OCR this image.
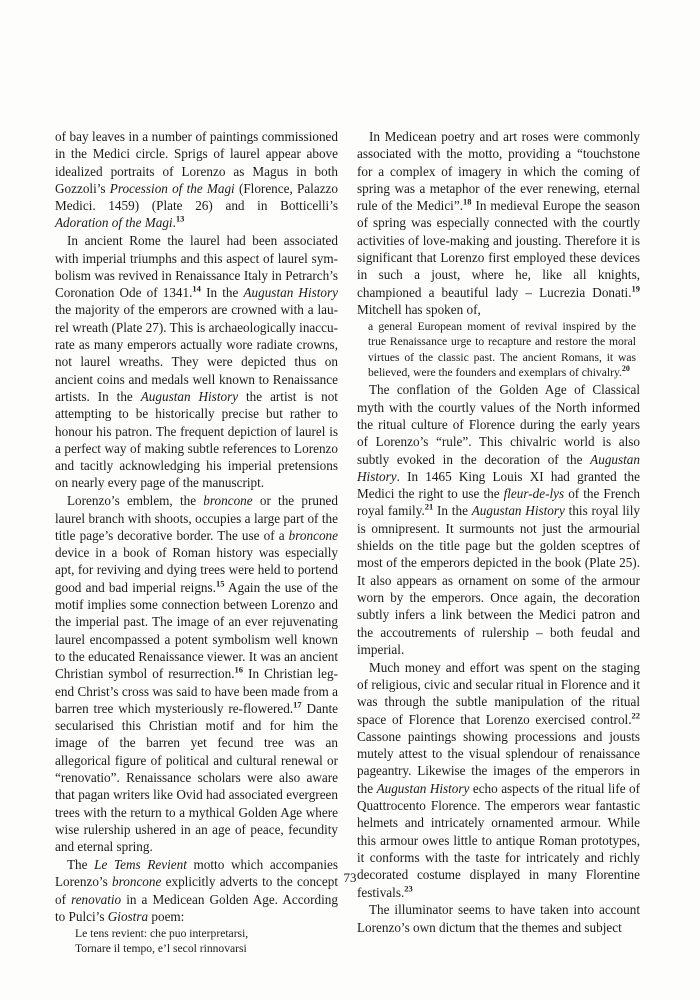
of bay leaves in a number of paintings commissioned in the Medici circle. Sprigs of laurel appear above idealized portraits of Lorenzo as Magus in both Gozzoli’s Procession of the Magi (Florence, Palazzo Medici. 1459) (Plate 26) and in Botticelli’s Adoration of the Magi.$^{13}$

In ancient Rome the laurel had been associated with imperial triumphs and this aspect of laurel symbolism was revived in Renaissance Italy in Petrarch’s Coronation Ode of 1341.14 In the Augustan History the majority of the emperors are crowned with a laurel wreath (Plate 27). This is archaeologically inaccurate as many emperors actually wore radiate crowns, not laurel wreaths. They were depicted thus on ancient coins and medals well known to Renaissance artists. In the Augustan History the artist is not attempting to be historically precise but rather to honour his patron. The frequent depiction of laurel is a perfect way of making subtle references to Lorenzo and tacitly acknowledging his imperial pretensions on nearly every page of the manuscript.

Lorenzo’s emblem, the broncone or the pruned laurel branch with shoots, occupies a large part of the title page’s decorative border. The use of a broncone device in a book of Roman history was especially apt, for reviving and dying trees were held to portend good and bad imperial reigns.$^{15}$ Again the use of the motif implies some connection between Lorenzo and the imperial past. The image of an ever rejuvenating laurel encompassed a potent symbolism well known to the educated Renaissance viewer. It was an ancient Christian symbol of resurrection.$^{16}$ In Christian legend Christ’s cross was said to have been made from a barren tree which mysteriously re-flowered.$^{17}$ Dante secularised this Christian motif and for him the image of the barren yet fecund tree was an allegorical figure of political and cultural renewal or “renovatio”. Renaissance scholars were also aware that pagan writers like Ovid had associated evergreen trees with the return to a mythical Golden Age where wise rulership ushered in an age of peace, fecundity and eternal spring.

The Le Tems Revient motto which accompanies Lorenzo’s broncone explicitly adverts to the concept of renovatio in a Medicean Golden Age. According to Pulci’s Giostra poem:

Le tens revient: che puo interpretarsi,
Tornare il tempo, e’l secol rinnovarsi

In Medicean poetry and art roses were commonly associated with the motto, providing a “touchstone for a complex of imagery in which the coming of spring was a metaphor of the ever renewing, eternal rule of the Medici”.$^{18}$ In medieval Europe the season of spring was especially connected with the courtly activities of love-making and jousting. Therefore it is significant that Lorenzo first employed these devices in such a joust, where he, like all knights, championed a beautiful lady – Lucrezia Donati.$^{19}$ Mitchell has spoken of,

a general European moment of revival inspired by the true Renaissance urge to recapture and restore the moral virtues of the classic past. The ancient Romans, it was believed, were the founders and exemplars of chivalry.$^{20}$

The conflation of the Golden Age of Classical myth with the courtly values of the North informed the ritual culture of Florence during the early years of Lorenzo’s “rule”. This chivalric world is also subtly evoked in the decoration of the Augustan History. In 1465 King Louis XI had granted the Medici the right to use the fleur-de-lys of the French royal family.$^{21}$ In the Augustan History this royal lily is omnipresent. It surmounts not just the armourial shields on the title page but the golden sceptres of most of the emperors depicted in the book (Plate 25). It also appears as ornament on some of the armour worn by the emperors. Once again, the decoration subtly infers a link between the Medici patron and the accoutrements of rulership – both feudal and imperial.

Much money and effort was spent on the staging of religious, civic and secular ritual in Florence and it was through the subtle manipulation of the ritual space of Florence that Lorenzo exercised control.$^{22}$ Cassone paintings showing processions and jousts mutely attest to the visual splendour of renaissance pageantry. Likewise the images of the emperors in the Augustan History echo aspects of the ritual life of Quattrocento Florence. The emperors wear fantastic helmets and intricately ornamented armour. While this armour owes little to antique Roman prototypes, it conforms with the taste for intricately and richly decorated costume displayed in many Florentine festivals.$^{23}$

The illuminator seems to have taken into account Lorenzo’s own dictum that the themes and subject

73
